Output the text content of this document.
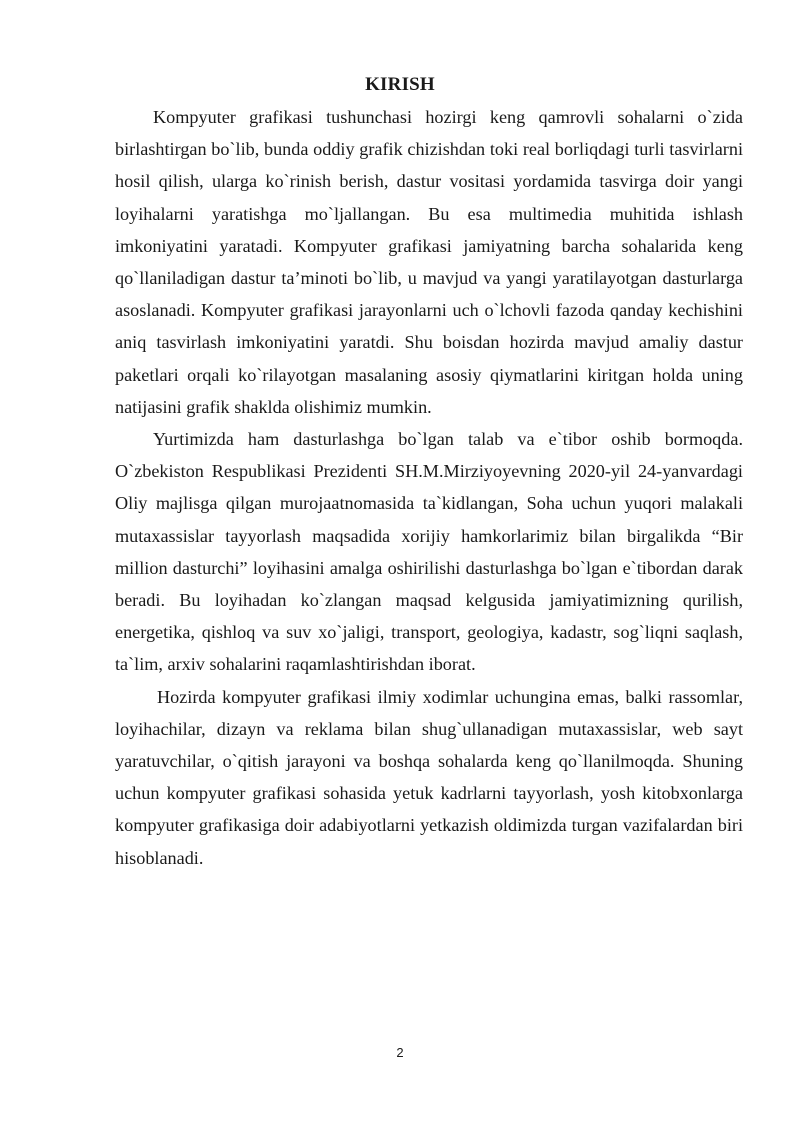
KIRISH

Kompyuter grafikasi tushunchasi hozirgi keng qamrovli sohalarni o`zida birlashtirgan bo`lib, bunda oddiy grafik chizishdan toki real borliqdagi turli tasvirlarni hosil qilish, ularga ko`rinish berish, dastur vositasi yordamida tasvirga doir yangi loyihalarni yaratishga mo`ljallangan. Bu esa multimedia muhitida ishlash imkoniyatini yaratadi. Kompyuter grafikasi jamiyatning barcha sohalarida keng qo`llaniladigan dastur ta’minoti bo`lib, u mavjud va yangi yaratilayotgan dasturlarga asoslanadi. Kompyuter grafikasi jarayonlarni uch o`lchovli fazoda qanday kechishini aniq tasvirlash imkoniyatini yaratdi. Shu boisdan hozirda mavjud amaliy dastur paketlari orqali ko`rilayotgan masalaning asosiy qiymatlarini kiritgan holda uning natijasini grafik shaklda olishimiz mumkin.

Yurtimizda ham dasturlashga bo`lgan talab va e`tibor oshib bormoqda. O`zbekiston Respublikasi Prezidenti SH.M.Mirziyoyevning 2020-yil 24-yanvardagi Oliy majlisga qilgan murojaatnomasida ta`kidlangan, Soha uchun yuqori malakali mutaxassislar tayyorlash maqsadida xorijiy hamkorlarimiz bilan birgalikda “Bir million dasturchi” loyihasini amalga oshirilishi dasturlashga bo`lgan e`tibordan darak beradi. Bu loyihadan ko`zlangan maqsad kelgusida jamiyatimizning qurilish, energetika, qishloq va suv xo`jaligi, transport, geologiya, kadastr, sog`liqni saqlash, ta`lim, arxiv sohalarini raqamlashtirishdan iborat.

Hozirda kompyuter grafikasi ilmiy xodimlar uchungina emas, balki rassomlar, loyihachilar, dizayn va reklama bilan shug`ullanadigan mutaxassislar, web sayt yaratuvchilar, o`qitish jarayoni va boshqa sohalarda keng qo`llanilmoqda. Shuning uchun kompyuter grafikasi sohasida yetuk kadrlarni tayyorlash, yosh kitobxonlarga kompyuter grafikasiga doir adabiyotlarni yetkazish oldimizda turgan vazifalardan biri hisoblanadi.

2
